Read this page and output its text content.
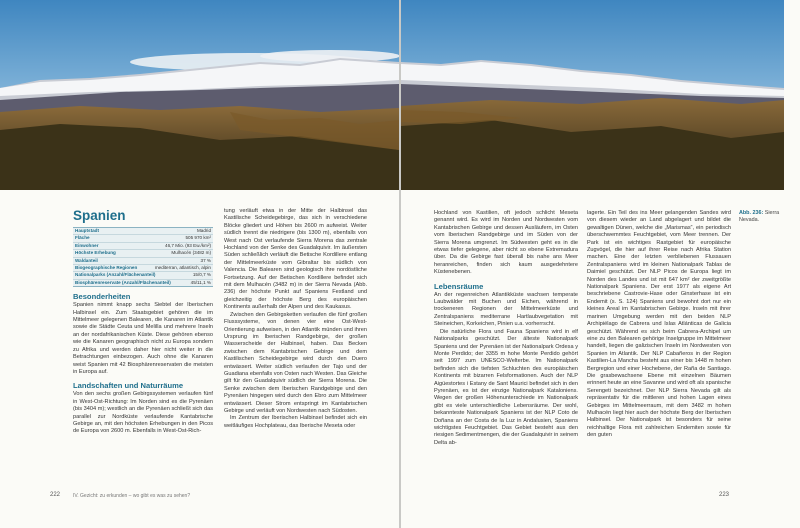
Spanien
Hauptstadt	Madrid
Fläche	505 970 km²
Einwohner	46,7 Mio. (93 Ew./km²)
Höchste Erhebung	Mulhacén (3482 m)
Waldanteil	37 %
Biogeographische Regionen	mediterran, atlantisch, alpin
Nationalparks (Anzahl/Flächenanteil)	15/0,7 %
Biosphärenreservate (Anzahl/Flächenanteil)	45/11,1 %
Besonderheiten

Spanien nimmt knapp sechs Siebtel der Iberischen Halbinsel ein. Zum Staatsgebiet gehören die im Mittelmeer gelegenen Balearen, die Kanaren im Atlantik sowie die Städte Ceuta und Melilla und mehrere Inseln an der nordafrikanischen Küste. Diese gehören ebenso wie die Kanaren geographisch nicht zu Europa sondern zu Afrika und werden daher hier nicht weiter in die Betrachtungen einbezogen. Auch ohne die Kanaren weist Spanien mit 42 Biosphärenreservaten die meisten in Europa auf.

Landschaften und Naturräume

Von den sechs großen Gebirgssystemen verlaufen fünf in West-Ost-Richtung: Im Norden sind es die Pyrenäen (bis 3404 m); westlich an die Pyrenäen schließt sich das parallel zur Nordküste verlaufende Kantabrische Gebirge an, mit den höchsten Erhebungen in den Picos de Europa von 2600 m. Ebenfalls in West-Ost-Rich-

tung verläuft etwa in der Mitte der Halbinsel das Kastilische Scheidegebirge, das sich in verschiedene Blöcke gliedert und Höhen bis 2600 m aufweist. Weiter südlich trennt die niedrigere (bis 1300 m), ebenfalls von West nach Ost verlaufende Sierra Morena das zentrale Hochland von der Senke des Guadalquivir. Im äußersten Süden schließlich verläuft die Betische Kordillere entlang der Mittelmeerküste vom Gibraltar bis südlich von Valencia. Die Balearen sind geologisch ihre nordöstliche Fortsetzung. Auf der Betischen Kordillere befindet sich mit dem Mulhacén (3482 m) in der Sierra Nevada (Abb. 236) der höchste Punkt auf Spaniens Festland und gleichzeitig der höchste Berg des europäischen Kontinents außerhalb der Alpen und des Kaukasus.

Zwischen den Gebirgsketten verlaufen die fünf großen Flusssysteme, von denen vier eine Ost-West-Orientierung aufweisen, in den Atlantik münden und ihren Ursprung im Iberischen Randgebirge, der großen Wasserscheide der Halbinsel, haben. Das Becken zwischen dem Kantabrischen Gebirge und dem Kastilischen Scheidegebirge wird durch den Duero entwässert. Weiter südlich verlaufen der Tajo und der Guadiana ebenfalls von Osten nach Westen. Das Gleiche gilt für den Guadalquivir südlich der Sierra Morena. Die Senke zwischen dem Iberischen Randgebirge und den Pyrenäen hingegen wird durch den Ebro zum Mittelmeer entwässert. Dieser Strom entspringt im Kantabrischen Gebirge und verläuft von Nordwesten nach Südosten.

Im Zentrum der Iberischen Halbinsel befindet sich ein weitläufiges Hochplateau, das Iberische Meseta oder

222	IV. Gezicht: zu erkunden – wo gibt es was zu sehen?

Hochland von Kastilien, oft jedoch schlicht Meseta genannt wird. Es wird im Norden und Nordwesten vom Kantabrischen Gebirge und dessen Ausläufern, im Osten vom Iberischen Randgebirge und im Süden von der Sierra Morena umgrenzt. Im Südwesten geht es in die etwas tiefer gelegene, aber nicht so ebene Extremadura über. Da die Gebirge fast überall bis nahe ans Meer heranreichen, finden sich kaum ausgedehntere Küstenebenen.

Lebensräume

An der regenreichen Atlantikküste wachsen temperate Laubwälder mit Buchen und Eichen, während in trockeneren Regionen der Mittelmeerküste und Zentralspaniens mediterrane Hartlaubvegetation mit Steineichen, Korkeichen, Pinien u.a. vorherrscht.

Die natürliche Flora und Fauna Spaniens wird in elf Nationalparks geschützt. Der älteste Nationalpark Spaniens und der Pyrenäen ist der Nationalpark Ordesa y Monte Perdido; der 3355 m hohe Monte Perdido gehört seit 1997 zum UNESCO-Welterbe. Im Nationalpark befinden sich die tiefsten Schluchten des europäischen Kontinents mit bizarren Felsformationen. Auch der NLP Aigüestortes i Estany de Sant Maurici befindet sich in den Pyrenäen, es ist der einzige Nationalpark Kataloniens. Wegen der großen Höhenunterschiede im Nationalpark gibt es viele unterschiedliche Lebensräume. Der wohl, bekannteste Nationalpark Spaniens ist der NLP Coto de Doñana an der Costa de la Luz in Andalusien, Spaniens wichtigstes Feuchtgebiet. Das Gebiet besteht aus den riesigen Sedimentmengen, die der Guadalquivir in seinem Delta ab-

lagerte. Ein Teil des ins Meer gelangenden Sandes wird von diesem wieder an Land abgelagert und bildet die gewaltigen Dünen, welche die „Marismas“, ein periodisch überschwemmtes Feuchtgebiet, vom Meer trennen. Der Park ist ein wichtiges Rastgebiet für europäische Zugvögel, die hier auf ihrer Reise nach Afrika Station machen. Eine der letzten verbliebenen Flussauen Zentralspaniens wird im kleinen Nationalpark Tablas de Daimiel geschützt. Der NLP Picos de Europa liegt im Norden des Landes und ist mit 647 km² der zweitgrößte Nationalpark Spaniens. Der erst 1977 als eigene Art beschriebene Castrovie-Hase oder Ginsterhase ist ein Endemit (s. S. 124) Spaniens und bewohnt dort nur ein kleines Areal im Kantabrischen Gebirge. Inseln mit ihrer marinen Umgebung werden mit den beiden NLP Archipiélago de Cabrera und Islas Atlánticas de Galicia geschützt. Während es sich beim Cabrera-Archipel um eine zu den Balearen gehörige Inselgruppe im Mittelmeer handelt, liegen die galizischen Inseln im Nordwesten von Spanien im Atlantik. Der NLP Cabañeros in der Region Kastilien-La Mancha besteht aus einer bis 1448 m hohen Bergregion und einer Hochebene, der Raña de Santiago. Die grasbewachsene Ebene mit einzelnen Bäumen erinnert heute an eine Savanne und wird oft als spanische Serengeti bezeichnet. Der NLP Sierra Nevada gilt als repräsentativ für die mittleren und hohen Lagen eines Gebirges im Mittelmeerraum, mit dem 3482 m hohen Mulhacén liegt hier auch der höchste Berg der Iberischen Halbinsel. Der Nationalpark ist besonders für seine reichhaltige Flora mit zahlreichen Endemiten sowie für den guten

Abb. 236: Sierra Nevada.
223
